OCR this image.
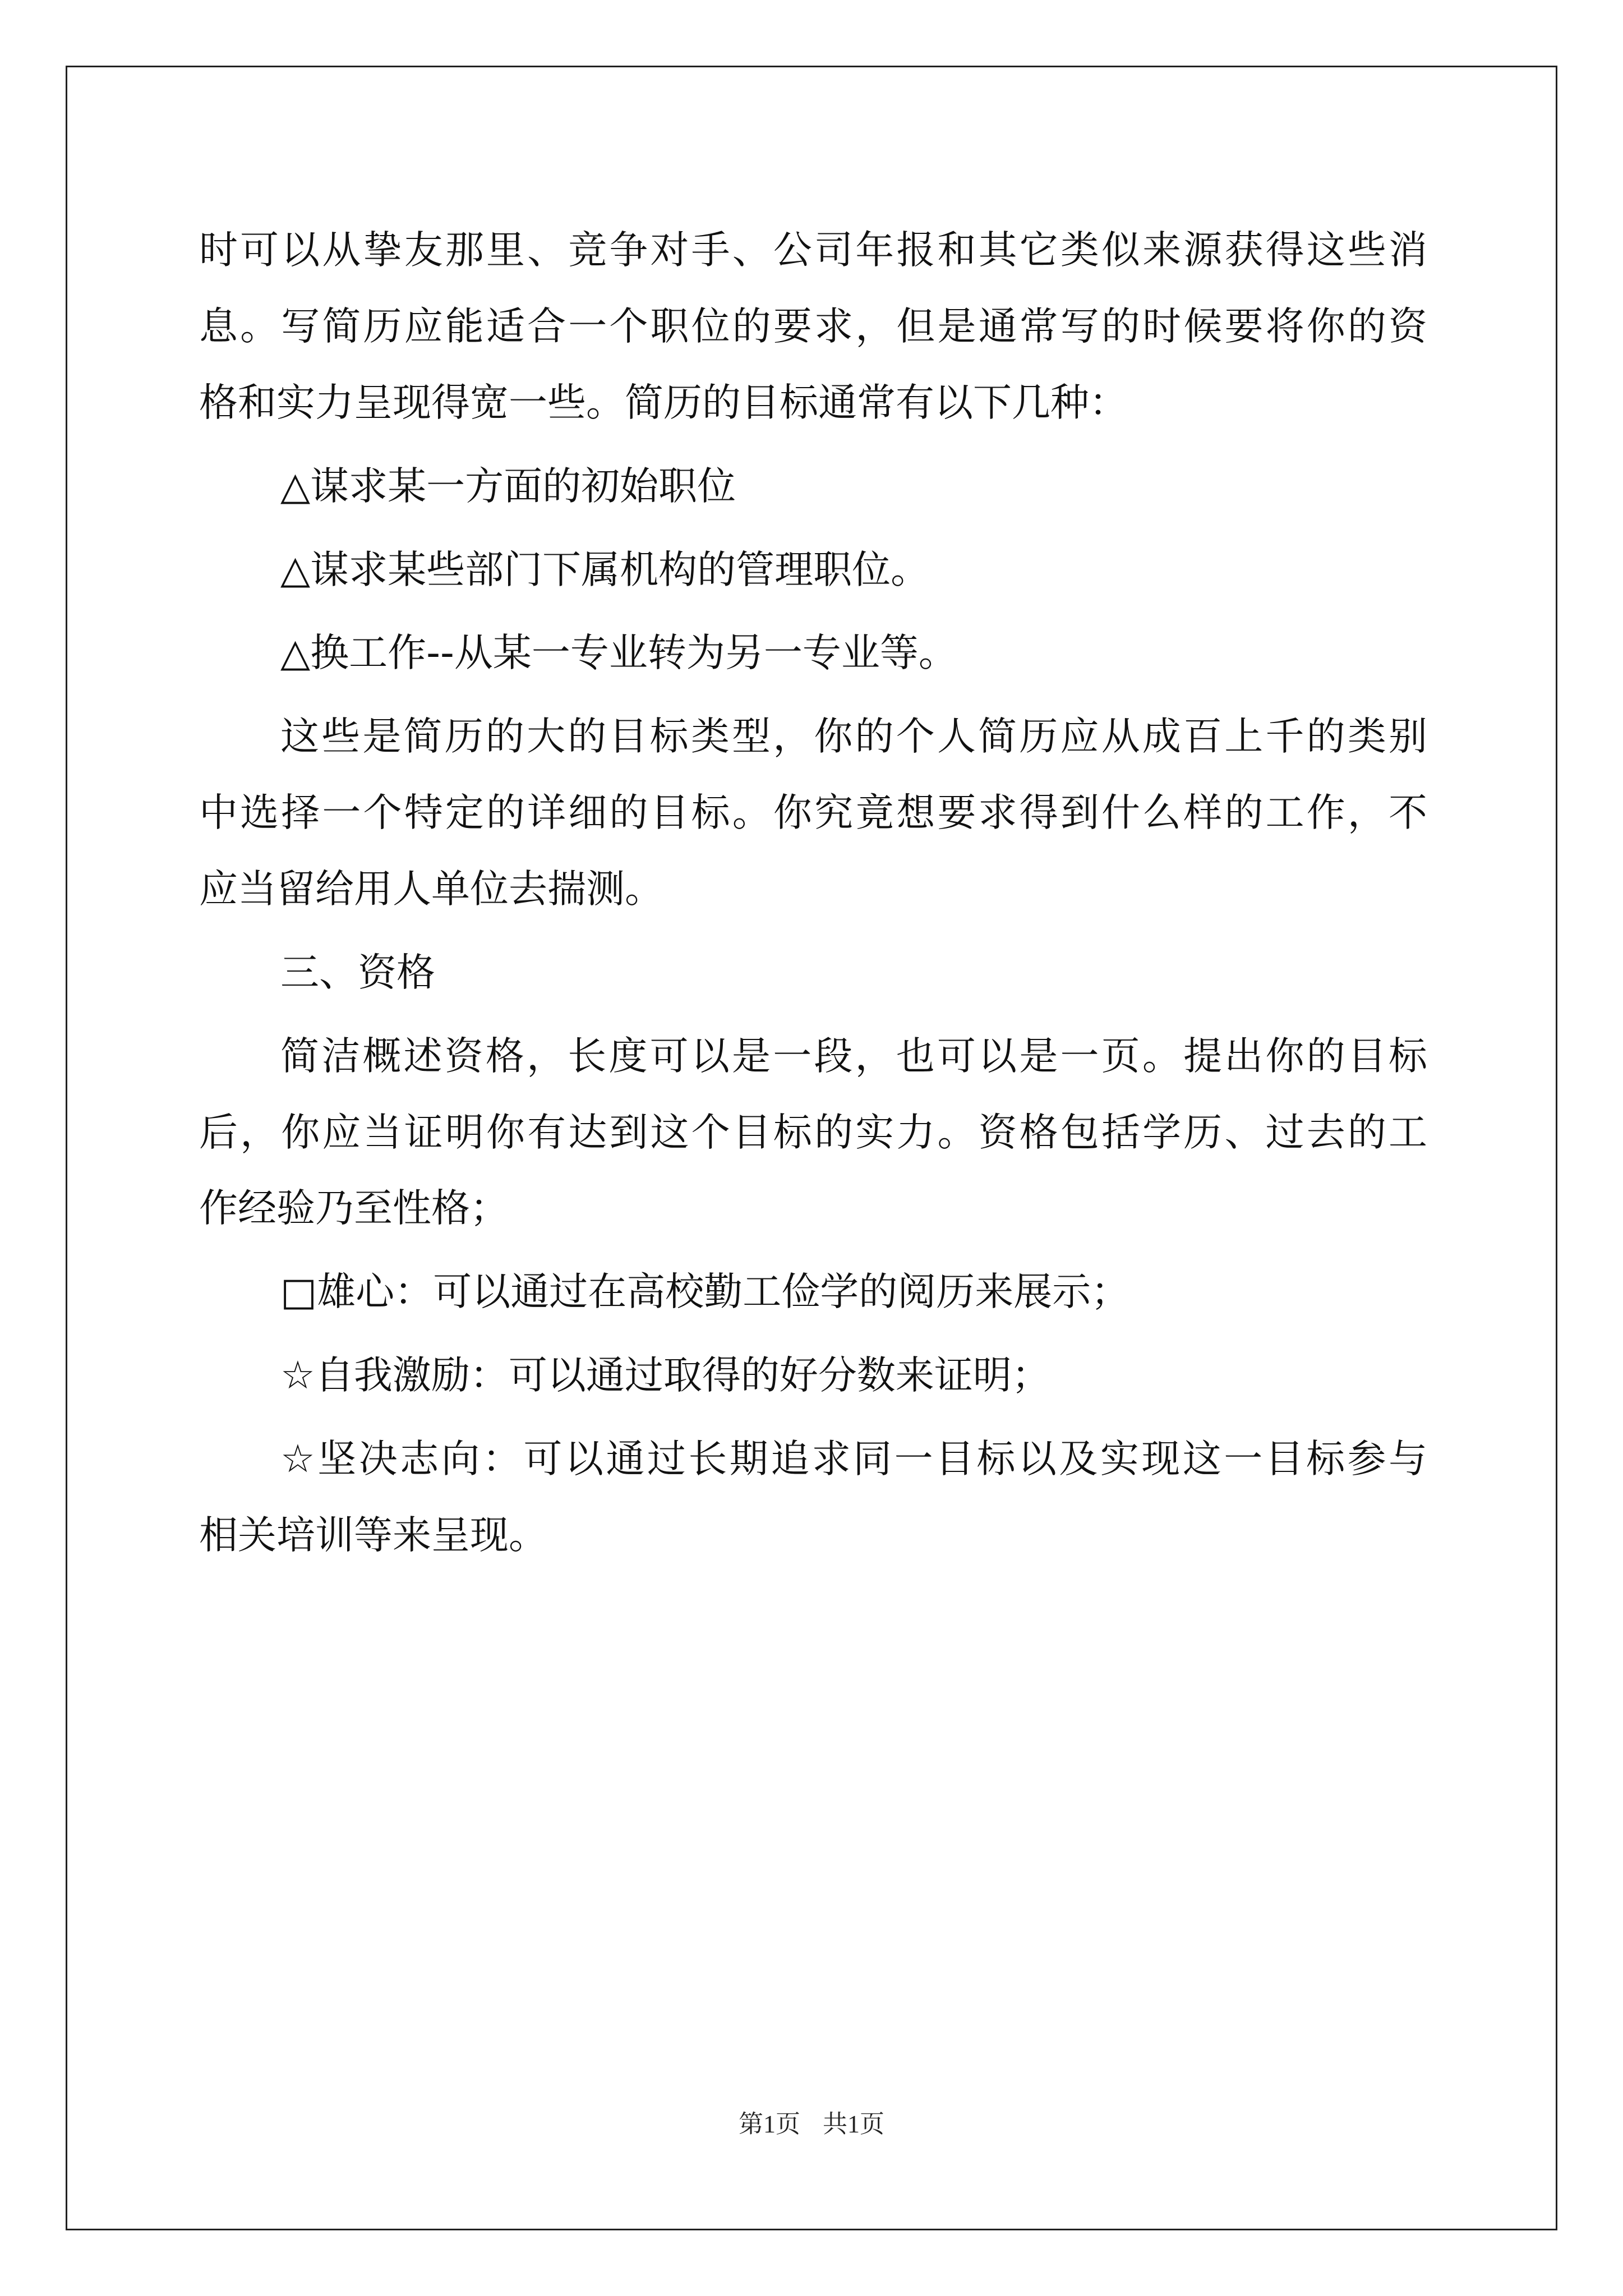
时可以从挚友那里、竞争对手、公司年报和其它类似来源获得这些消
息。写简历应能适合一个职位的要求，但是通常写的时候要将你的资
格和实力呈现得宽一些。简历的目标通常有以下几种：
△谋求某一方面的初始职位
△谋求某些部门下属机构的管理职位。
△换工作--从某一专业转为另一专业等。
这些是简历的大的目标类型，你的个人简历应从成百上千的类别
中选择一个特定的详细的目标。你究竟想要求得到什么样的工作，不
应当留给用人单位去揣测。
三、资格
简洁概述资格，长度可以是一段，也可以是一页。提出你的目标
后，你应当证明你有达到这个目标的实力。资格包括学历、过去的工
作经验乃至性格；
□雄心：可以通过在高校勤工俭学的阅历来展示；
☆自我激励：可以通过取得的好分数来证明；
☆坚决志向：可以通过长期追求同一目标以及实现这一目标参与
相关培训等来呈现。
第1页 共1页
